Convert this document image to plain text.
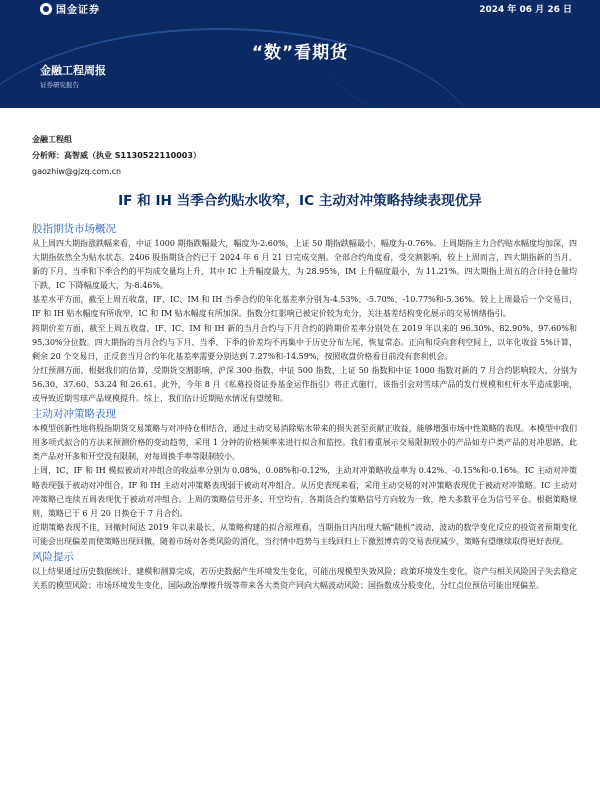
国金证券	2024 年 06 月 26 日
“数”看期货
金融工程周报
证券研究报告
金融工程组
分析师：高智威（执业 S1130522110003）
gaozhiw@gjzq.com.cn
IF 和 IH 当季合约贴水收窄，IC 主动对冲策略持续表现优异
股指期货市场概况

从上周四大期指涨跌幅来看，中证 1000 期指跌幅最大，幅度为-2.60%，上证 50 期指跌幅最小，幅度为-0.76%。上周期指主力合约贴水幅度均加深，四大期指依然全为贴水状态。2406 股指期货合约已于 2024 年 6 月 21 日完成交割。全部合约角度看，受交割影响，较上上周而言，四大期指新的当月、新的下月、当季和下季合约的平均成交量均上升，其中 IC 上升幅度最大，为 28.95%，IM 上升幅度最小，为 11.21%。四大期指上周五的合计持仓量均下跌，IC 下降幅度最大，为-8.46%。

基差水平方面，截至上周五收盘，IF、IC、IM 和 IH 当季合约的年化基差率分别为-4.53%、-5.70%、-10.77%和-5.36%。较上上周最后一个交易日，IF 和 IH 贴水幅度有所收窄，IC 和 IM 贴水幅度有所加深。指数分红影响已被定价较为充分，关注基差结构变化展示的交易情绪指引。

跨期价差方面，截至上周五收盘，IF、IC、IM 和 IH 新的当月合约与下月合约的跨期价差率分别处在 2019 年以来的 96.30%、82.90%、97.60%和 95.30%分位数。四大期指的当月合约与下月、当季、下季的价差均不再集中于历史分布左尾，恢复常态。正向和反向套利空间上，以年化收益 5%计算，剩余 20 个交易日，正反套当月合约年化基差率需要分别达到 7.27%和-14.59%，按照收盘价格看目前没有套利机会。

分红预测方面，根据我们的估算，受期货交割影响，沪深 300 指数、中证 500 指数、上证 50 指数和中证 1000 指数对新的 7 月合约影响较大，分别为 56.30、37.60、53.24 和 26.61。此外，今年 8 月《私募投资证券基金运作指引》将正式施行，该指引会对雪球产品的发行规模和杠杆水平造成影响，或导致近期雪球产品规模提升。综上，我们估计近期贴水情况有望缓和。

主动对冲策略表现

本模型创新性地将股指期货交易策略与对冲持仓相结合，通过主动交易消除贴水带来的损失甚至贡献正收益，能够增强市场中性策略的表现。本模型中我们用多项式拟合的方法来预测价格的变动趋势，采用 1 分钟的价格频率来进行拟合和监控。我们着重展示交易限制较小的产品如专户类产品的对冲思路，此类产品对开多和开空没有限制，对每周换手率等限制较小。

上周，IC、IF 和 IH 模拟被动对冲组合的收益率分别为 0.08%、0.08%和-0.12%，主动对冲策略收益率为 0.42%、-0.15%和-0.16%。IC 主动对冲策略表现强于被动对冲组合，IF 和 IH 主动对冲策略表现弱于被动对冲组合。从历史表现来看，采用主动交易的对冲策略表现优于被动对冲策略。IC 主动对冲策略已连续五周表现优于被动对冲组合。上周的策略信号开多、开空均有，各期货合约策略信号方向较为一致，绝大多数平仓为信号平仓。根据策略规则，策略已于 6 月 20 日换仓于 7 月合约。

近期策略表现不佳，回撤时间达 2019 年以来最长，从策略构建的拟合原理看，当期指日内出现大幅“随机”波动，波动的数学变化反应的投资者预期变化可能会出现偏差而使策略出现回撤，随着市场对各类风险的消化，当行情中趋势与主线回归上下激烈博弈的交易表现减少，策略有望继续取得更好表现。

风险提示

以上结果通过历史数据统计、建模和测算完成，若历史数据产生环境发生变化，可能出现模型失效风险；政策环境发生变化，资产与相关风险因子失去稳定关系的模型风险；市场环境发生变化，国际政治摩擦升级等带来各大类资产同向大幅波动风险；国指数成分股变化，分红点位预估可能出现偏差。
